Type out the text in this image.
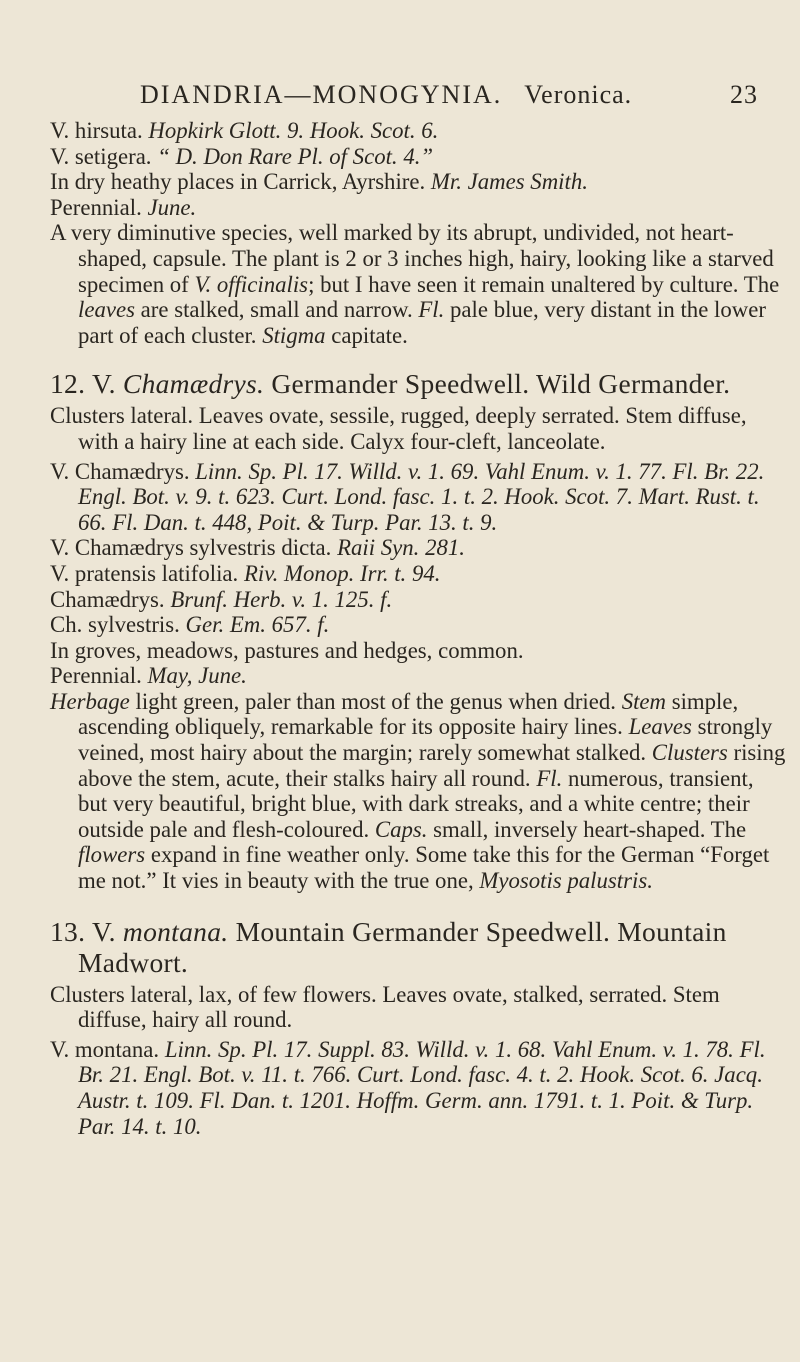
DIANDRIA—MONOGYNIA. Veronica.	23

V. hirsuta. Hopkirk Glott. 9. Hook. Scot. 6.

V. setigera. “ D. Don Rare Pl. of Scot. 4.”

In dry heathy places in Carrick, Ayrshire. Mr. James Smith.

Perennial. June.

A very diminutive species, well marked by its abrupt, undivided, not heart-shaped, capsule. The plant is 2 or 3 inches high, hairy, looking like a starved specimen of V. officinalis; but I have seen it remain unaltered by culture. The leaves are stalked, small and narrow. Fl. pale blue, very distant in the lower part of each cluster. Stigma capitate.

12. V. Chamædrys. Germander Speedwell. Wild Germander.

Clusters lateral. Leaves ovate, sessile, rugged, deeply serrated. Stem diffuse, with a hairy line at each side. Calyx four-cleft, lanceolate.

V. Chamædrys. Linn. Sp. Pl. 17. Willd. v. 1. 69. Vahl Enum. v. 1. 77. Fl. Br. 22. Engl. Bot. v. 9. t. 623. Curt. Lond. fasc. 1. t. 2. Hook. Scot. 7. Mart. Rust. t. 66. Fl. Dan. t. 448, Poit. & Turp. Par. 13. t. 9.

V. Chamædrys sylvestris dicta. Raii Syn. 281.

V. pratensis latifolia. Riv. Monop. Irr. t. 94.

Chamædrys. Brunf. Herb. v. 1. 125. f.

Ch. sylvestris. Ger. Em. 657. f.

In groves, meadows, pastures and hedges, common.

Perennial. May, June.

Herbage light green, paler than most of the genus when dried. Stem simple, ascending obliquely, remarkable for its opposite hairy lines. Leaves strongly veined, most hairy about the margin; rarely somewhat stalked. Clusters rising above the stem, acute, their stalks hairy all round. Fl. numerous, transient, but very beautiful, bright blue, with dark streaks, and a white centre; their outside pale and flesh-coloured. Caps. small, inversely heart-shaped. The flowers expand in fine weather only. Some take this for the German “Forget me not.” It vies in beauty with the true one, Myosotis palustris.

13. V. montana. Mountain Germander Speedwell. Mountain Madwort.

Clusters lateral, lax, of few flowers. Leaves ovate, stalked, serrated. Stem diffuse, hairy all round.

V. montana. Linn. Sp. Pl. 17. Suppl. 83. Willd. v. 1. 68. Vahl Enum. v. 1. 78. Fl. Br. 21. Engl. Bot. v. 11. t. 766. Curt. Lond. fasc. 4. t. 2. Hook. Scot. 6. Jacq. Austr. t. 109. Fl. Dan. t. 1201. Hoffm. Germ. ann. 1791. t. 1. Poit. & Turp. Par. 14. t. 10.
